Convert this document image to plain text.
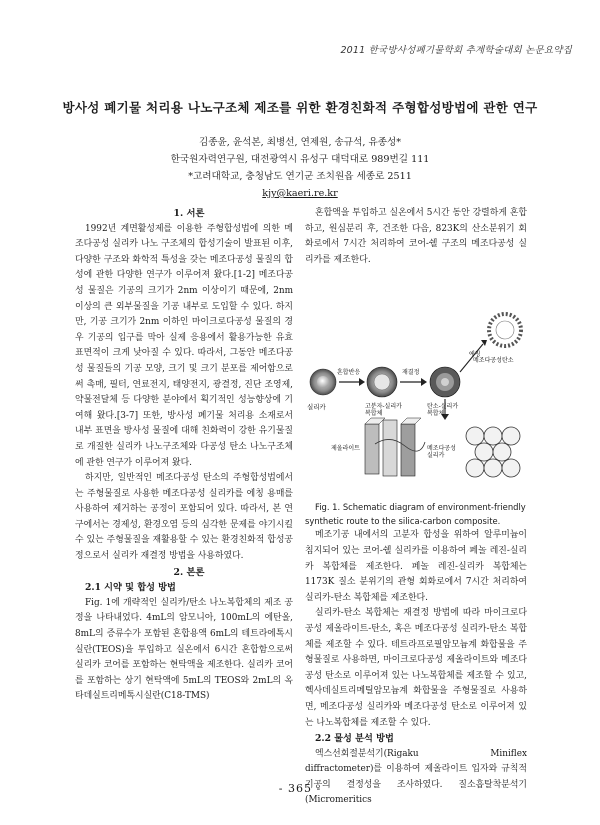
2011 한국방사성폐기물학회 추계학술대회 논문요약집
방사성 폐기물 처리용 나노구조체 제조를 위한 환경친화적 주형합성방법에 관한 연구
김종윤, 윤석본, 최병선, 연제원, 송규석, 유종성*
한국원자력연구원, 대전광역시 유성구 대덕대로 989번길 111
*고려대학교, 충청남도 연기군 조치원읍 세종로 2511
kjy@kaeri.re.kr

1. 서론

1992년 계면활성제를 이용한 주형합성법에 의한 메조다공성 실리카 나노 구조체의 합성기술이 발표된 이후, 다양한 구조와 화학적 특성을 갖는 메조다공성 물질의 합성에 관한 다양한 연구가 이루어져 왔다.[1-2] 메조다공성 물질은 기공의 크기가 2nm 이상이기 때문에, 2nm 이상의 큰 외부물질을 기공 내부로 도입할 수 있다. 하지만, 기공 크기가 2nm 이하인 마이크로다공성 물질의 경우 기공의 입구를 막아 실제 응용에서 활용가능한 유효 표면적이 크게 낮아질 수 있다. 따라서, 그동안 메조다공성 물질들의 기공 모양, 크기 및 크기 분포를 제어함으로써 촉매, 필터, 연료전지, 태양전지, 광결정, 진단 조영제, 약물전달체 등 다양한 분야에서 획기적인 성능향상에 기여해 왔다.[3-7] 또한, 방사성 폐기물 처리용 소재로서 내부 표면을 방사성 물질에 대해 친화력이 강한 유기물질로 개질한 실리카 나노구조체와 다공성 탄소 나노구조체에 관한 연구가 이루어져 왔다.

하지만, 일반적인 메조다공성 탄소의 주형합성법에서는 주형물질로 사용한 메조다공성 실리카를 에칭 용매를 사용하여 제거하는 공정이 포함되어 있다. 따라서, 본 연구에서는 경제성, 환경오염 등의 심각한 문제를 야기시킬 수 있는 주형물질을 재활용할 수 있는 환경친화적 합성공정으로서 실리카 재결정 방법을 사용하였다.

2. 본론

2.1 시약 및 합성 방법

Fig. 1에 개략적인 실리카/탄소 나노복합체의 제조 공정을 나타내었다. 4mL의 암모니아, 100mL의 에탄올, 8mL의 증류수가 포함된 혼합용액 6mL의 테트라에톡시실란(TEOS)을 투입하고 실온에서 6시간 혼합함으로써 실리카 코어를 포함하는 현탁액을 제조한다. 실리카 코어를 포함하는 상기 현탁액에 5mL의 TEOS와 2mL의 옥타데실트리메톡시실란(C18-TMS)

혼합액을 투입하고 실온에서 5시간 동안 강렬하게 혼합하고, 원심분리 후, 건조한 다음, 823K의 산소분위기 회화로에서 7시간 처리하여 코어-쉘 구조의 메조다공성 실리카를 제조한다.

실리카
혼합반응
고분자-실리카 복합체
재결정
탄소-실리카 복합체
제올라이트	메조다공성 실리카
에칭
메조다공성탄소

Fig. 1. Schematic diagram of environment-friendly synthetic route to the silica-carbon composite.

메조기공 내에서의 고분자 합성을 위하여 알루미늄이 침지되어 있는 코어-쉘 실리카를 이용하여 페놀 레진-실리카 복합체를 제조한다. 페놀 레진-실리카 복합체는 1173K 질소 분위기의 관형 회화로에서 7시간 처리하여 실리카-탄소 복합체를 제조한다.

실리카-탄소 복합체는 재결정 방법에 따라 마이크로다공성 제올라이트-탄소, 혹은 메조다공성 실리카-탄소 복합체를 제조할 수 있다. 테트라프로필암모늄계 화합물을 주형물질로 사용하면, 마이크로다공성 제올라이트와 메조다공성 탄소로 이루어져 있는 나노복합체를 제조할 수 있고, 헥사데실트리메틸암모늄계 화합물을 주형물질로 사용하면, 메조다공성 실리카와 메조다공성 탄소로 이루어져 있는 나노복합체를 제조할 수 있다.

2.2 물성 분석 방법

엑스선회절분석기(Rigaku Miniflex diffractometer)를 이용하여 제올라이트 입자와 규칙적 기공의 결정성을 조사하였다. 질소흡탈착분석기(Micromeritics

- 365 -
